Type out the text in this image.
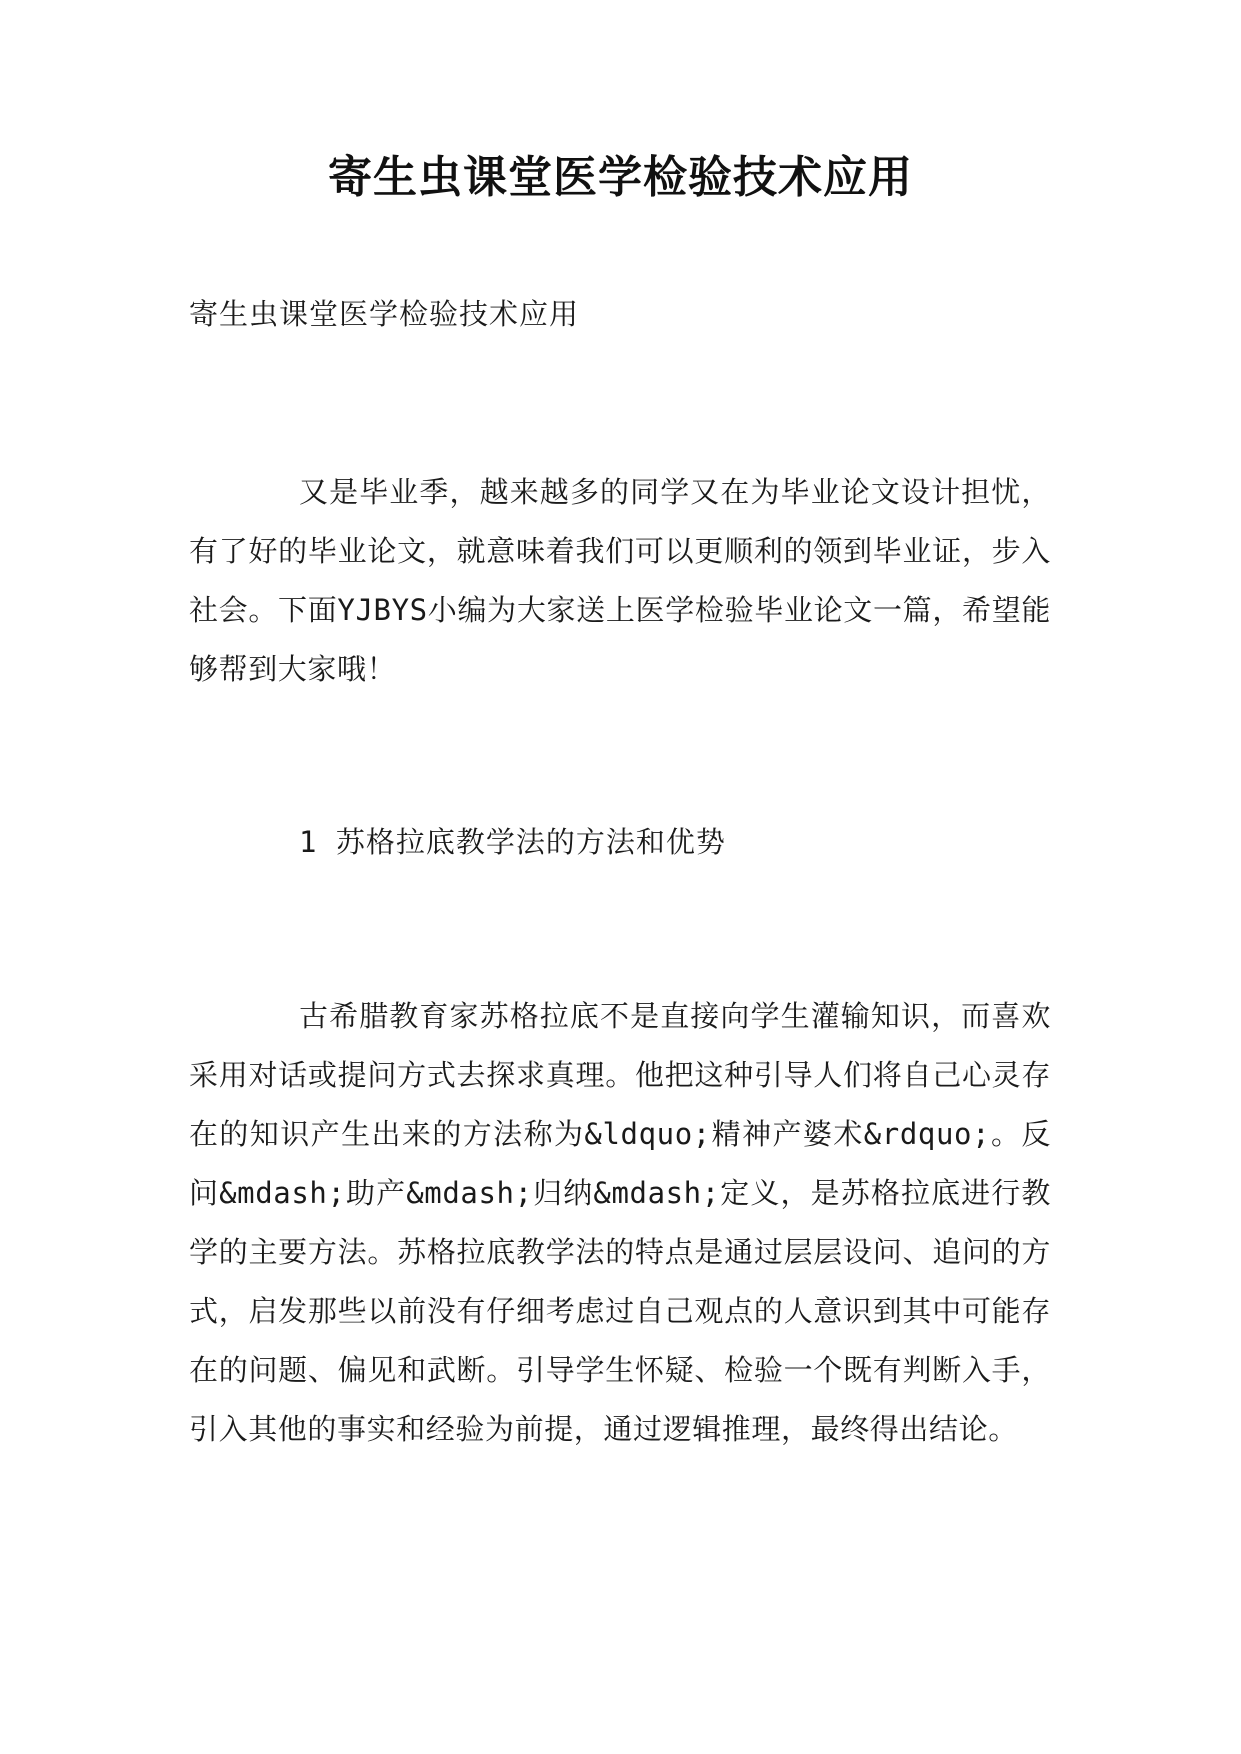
寄生虫课堂医学检验技术应用
寄生虫课堂医学检验技术应用

又是毕业季，越来越多的同学又在为毕业论文设计担忧，有了好的毕业论文，就意味着我们可以更顺利的领到毕业证，步入社会。下面YJBYS小编为大家送上医学检验毕业论文一篇，希望能够帮到大家哦！

1 苏格拉底教学法的方法和优势

古希腊教育家苏格拉底不是直接向学生灌输知识，而喜欢采用对话或提问方式去探求真理。他把这种引导人们将自己心灵存在的知识产生出来的方法称为&ldquo;精神产婆术&rdquo;。反问&mdash;助产&mdash;归纳&mdash;定义，是苏格拉底进行教学的主要方法。苏格拉底教学法的特点是通过层层设问、追问的方式，启发那些以前没有仔细考虑过自己观点的人意识到其中可能存在的问题、偏见和武断。引导学生怀疑、检验一个既有判断入手，引入其他的事实和经验为前提，通过逻辑推理，最终得出结论。
